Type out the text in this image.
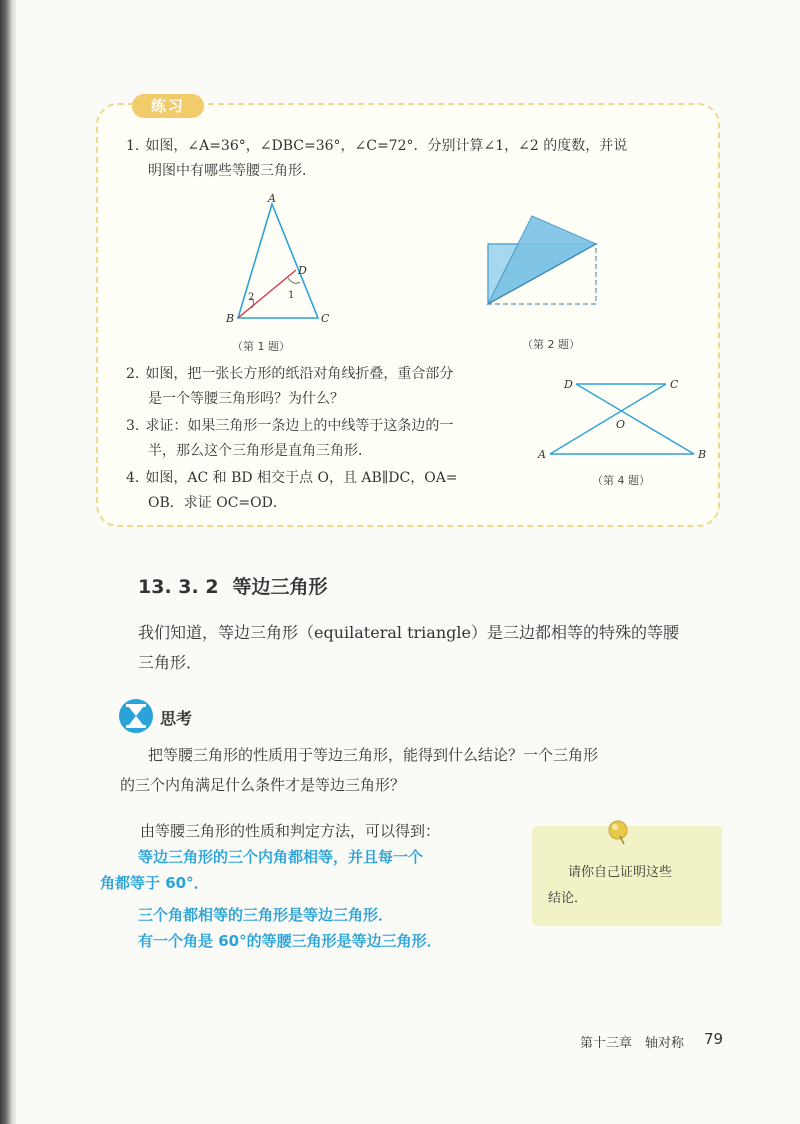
练习
1. 如图，∠A=36°，∠DBC=36°，∠C=72°．分别计算∠1，∠2 的度数，并说
明图中有哪些等腰三角形．
A
B	C
D
1
2
（第 1 题）	（第 2 题）
2. 如图，把一张长方形的纸沿对角线折叠，重合部分
是一个等腰三角形吗？为什么？
3. 求证：如果三角形一条边上的中线等于这条边的一
半，那么这个三角形是直角三角形．
4. 如图，AC 和 BD 相交于点 O，且 AB∥DC，OA=
OB．求证 OC=OD．
D	C
A	B
O
（第 4 题）
13. 3. 2 等边三角形
我们知道，等边三角形（equilateral triangle）是三边都相等的特殊的等腰
三角形．
思考
把等腰三角形的性质用于等边三角形，能得到什么结论？一个三角形
的三个内角满足什么条件才是等边三角形？
由等腰三角形的性质和判定方法，可以得到：
等边三角形的三个内角都相等，并且每一个
角都等于 60°．
三个角都相等的三角形是等边三角形．
有一个角是 60°的等腰三角形是等边三角形．
请你自己证明这些
结论．
第十三章　轴对称 79
